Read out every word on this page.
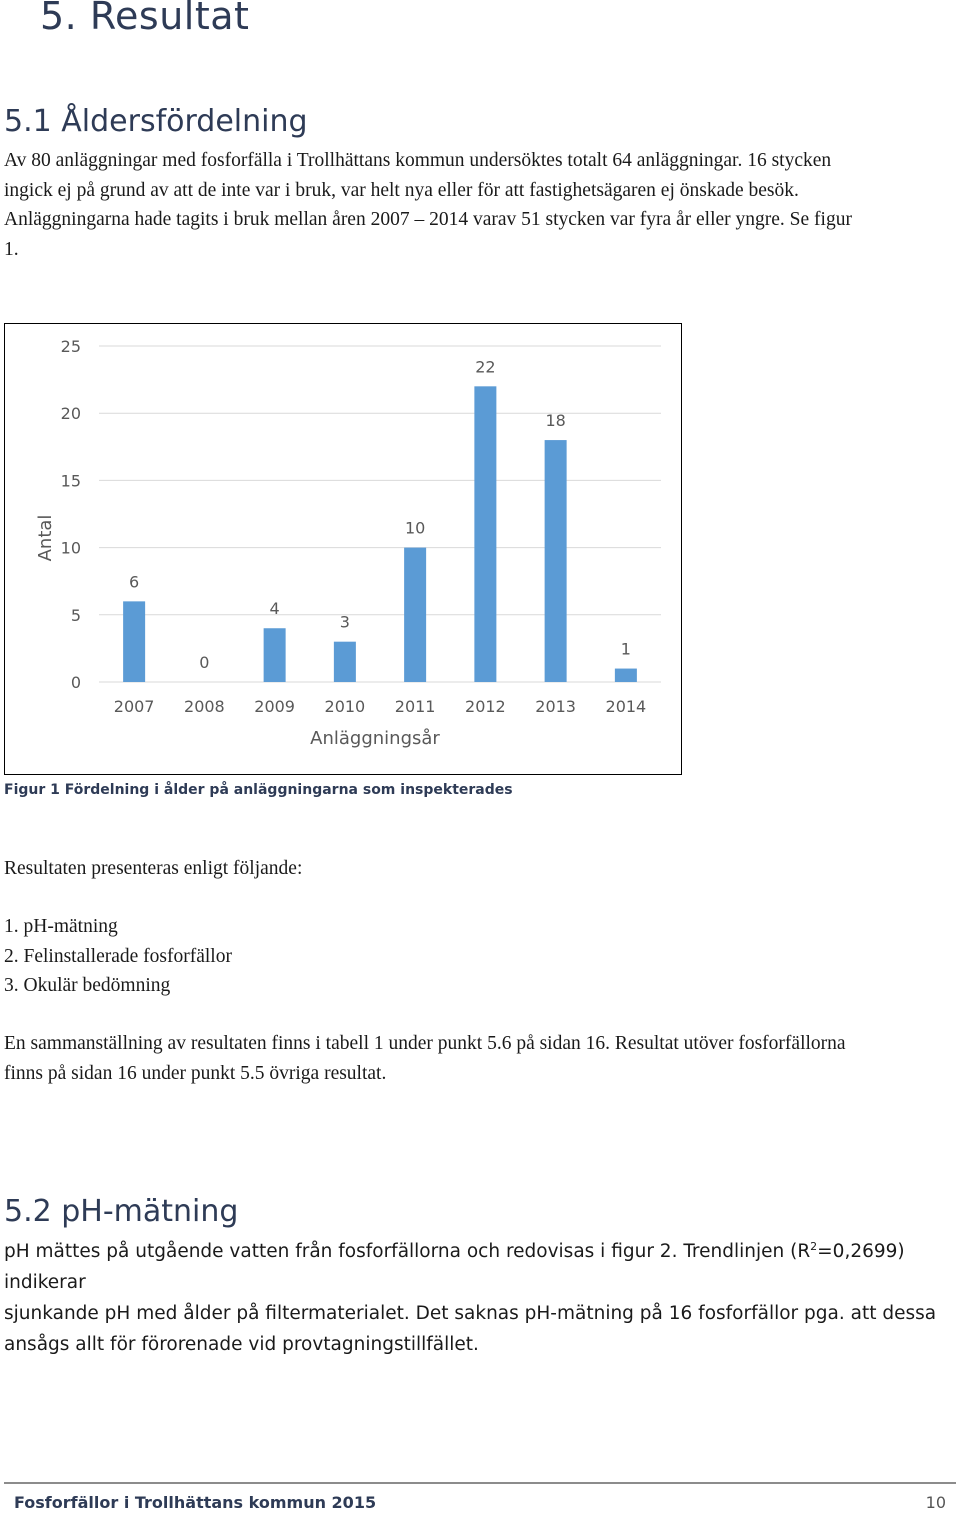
5. Resultat
5.1 Åldersfördelning
Av 80 anläggningar med fosforfälla i Trollhättans kommun undersöktes totalt 64 anläggningar. 16 stycken
ingick ej på grund av att de inte var i bruk, var helt nya eller för att fastighetsägaren ej önskade besök.
Anläggningarna hade tagits i bruk mellan åren 2007 – 2014 varav 51 stycken var fyra år eller yngre. Se figur
1.
0
5
10
15
20
25
6
2007
0
2008
4
2009
3
2010
10
2011
22
2012
18
2013
1
2014
Anläggningsår
Antal
Figur 1 Fördelning i ålder på anläggningarna som inspekterades
Resultaten presenteras enligt följande:
1. pH-mätning
2. Felinstallerade fosforfällor
3. Okulär bedömning
En sammanställning av resultaten finns i tabell 1 under punkt 5.6 på sidan 16. Resultat utöver fosforfällorna
finns på sidan 16 under punkt 5.5 övriga resultat.
5.2 pH-mätning
pH mättes på utgående vatten från fosforfällorna och redovisas i figur 2. Trendlinjen $(R^2=0,2699)$ indikerar
sjunkande pH med ålder på filtermaterialet. Det saknas pH-mätning på 16 fosforfällor pga. att dessa
ansågs allt för förorenade vid provtagningstillfället.
Fosforfällor i Trollhättans kommun 2015	10
